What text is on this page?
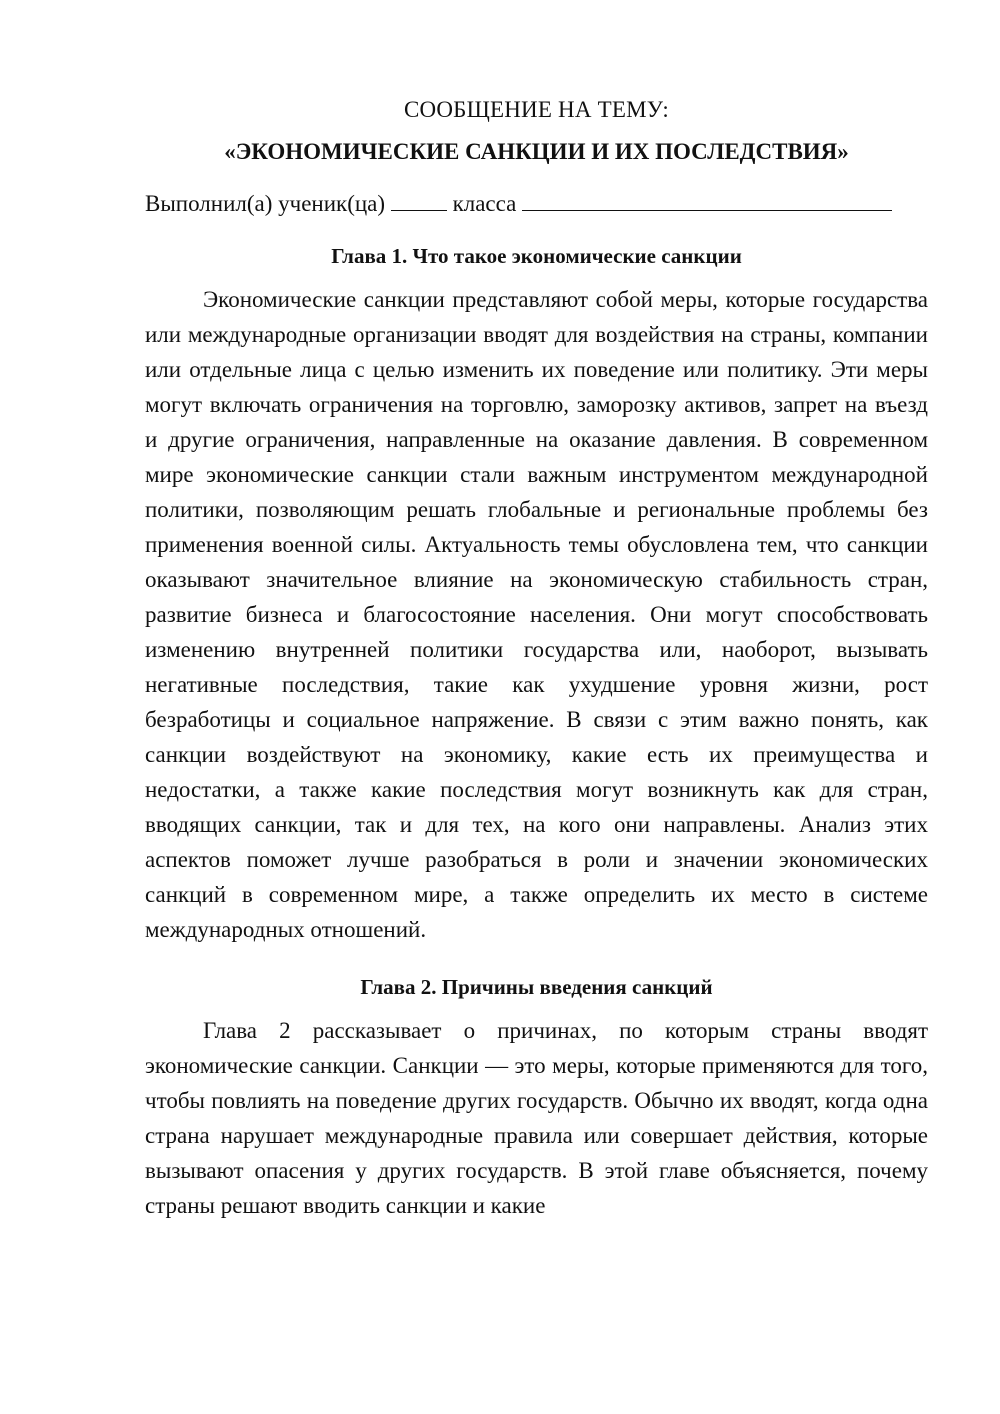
СООБЩЕНИЕ НА ТЕМУ:

«ЭКОНОМИЧЕСКИЕ САНКЦИИ И ИХ ПОСЛЕДСТВИЯ»

Выполнил(а) ученик(ца)	класса

Глава 1. Что такое экономические санкции

Экономические санкции представляют собой меры, которые государства или международные организации вводят для воздействия на страны, компании или отдельные лица с целью изменить их поведение или политику. Эти меры могут включать ограничения на торговлю, заморозку активов, запрет на въезд и другие ограничения, направленные на оказание давления. В современном мире экономические санкции стали важным инструментом международной политики, позволяющим решать глобальные и региональные проблемы без применения военной силы. Актуальность темы обусловлена тем, что санкции оказывают значительное влияние на экономическую стабильность стран, развитие бизнеса и благосостояние населения. Они могут способствовать изменению внутренней политики государства или, наоборот, вызывать негативные последствия, такие как ухудшение уровня жизни, рост безработицы и социальное напряжение. В связи с этим важно понять, как санкции воздействуют на экономику, какие есть их преимущества и недостатки, а также какие последствия могут возникнуть как для стран, вводящих санкции, так и для тех, на кого они направлены. Анализ этих аспектов поможет лучше разобраться в роли и значении экономических санкций в современном мире, а также определить их место в системе международных отношений.

Глава 2. Причины введения санкций

Глава 2 рассказывает о причинах, по которым страны вводят экономические санкции. Санкции — это меры, которые применяются для того, чтобы повлиять на поведение других государств. Обычно их вводят, когда одна страна нарушает международные правила или совершает действия, которые вызывают опасения у других государств. В этой главе объясняется, почему страны решают вводить санкции и какие
